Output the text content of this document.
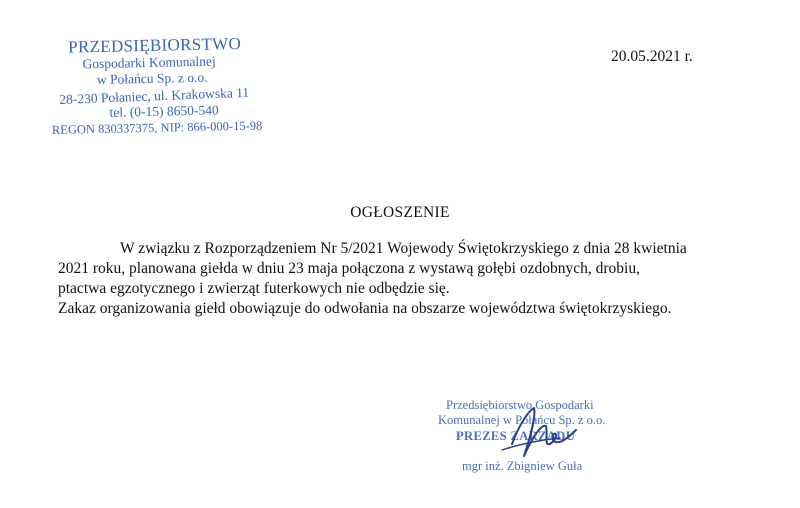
PRZEDSIĘBIORSTWO
Gospodarki Komunalnej
w Połańcu Sp. z o.o.
28-230 Połaniec, ul. Krakowska 11
tel. (0-15) 8650-540
REGON 830337375, NIP: 866-000-15-98
20.05.2021 r.
OGŁOSZENIE
W związku z Rozporządzeniem Nr 5/2021 Wojewody Świętokrzyskiego z dnia 28 kwietnia
2021 roku, planowana giełda w dniu 23 maja połączona z wystawą gołębi ozdobnych, drobiu,
ptactwa egzotycznego i zwierząt futerkowych nie odbędzie się.
Zakaz organizowania giełd obowiązuje do odwołania na obszarze województwa świętokrzyskiego.
Przedsiębiorstwo Gospodarki
Komunalnej w Połańcu Sp. z o.o.
PREZES ZARZĄDU
mgr inż. Zbigniew Guła
